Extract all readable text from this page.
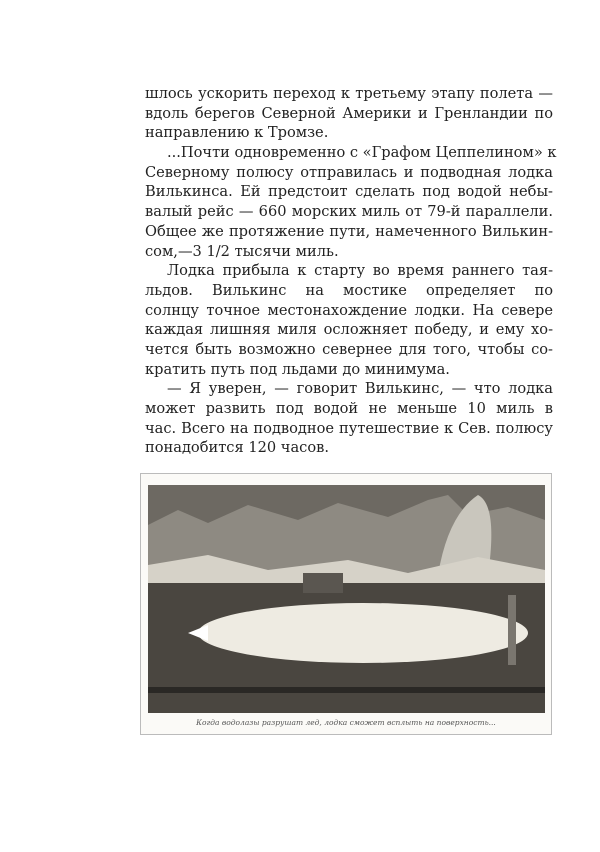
шлось ускорить переход к третьему этапу полета —
вдоль берегов Северной Америки и Гренландии по
направлению к Тромзе.
...Почти одновременно с «Графом Цеппелином» к
Северному полюсу отправилась и подводная лодка
Вилькинса. Ей предстоит сделать под водой небы-
валый рейс — 660 морских миль от 79-й параллели.
Общее же протяжение пути, намеченного Вилькин-
сом,—3 1/2 тысячи миль.
Лодка прибыла к старту во время раннего тая-
льдов. Вилькинс на мостике определяет по
солнцу точное местонахождение лодки. На севере
каждая лишняя миля осложняет победу, и ему хо-
чется быть возможно севернее для того, чтобы со-
кратить путь под льдами до минимума.
— Я уверен, — говорит Вилькинс, — что лодка
может развить под водой не меньше 10 миль в
час. Всего на подводное путешествие к Сев. полюсу
понадобится 120 часов.
Когда водолазы разрушат лед, лодка сможет всплыть на поверхность...
